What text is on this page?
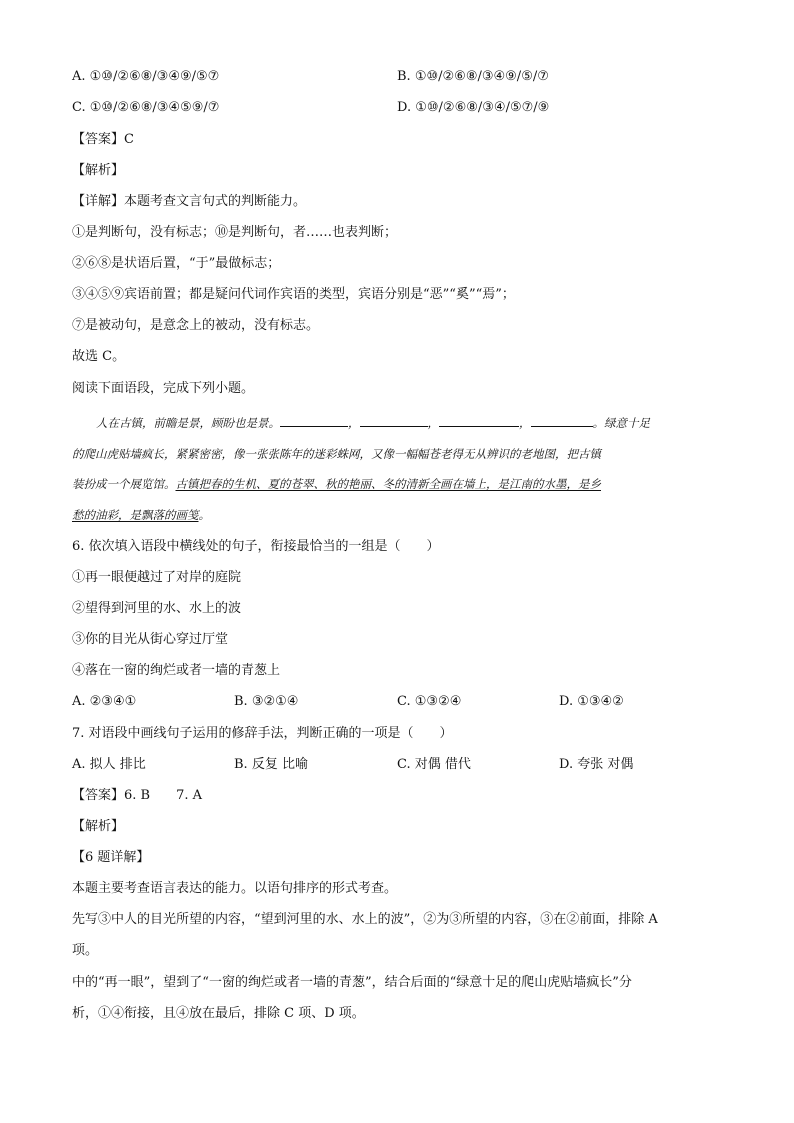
A. ①⑩/②⑥⑧/③④⑨/⑤⑦	B. ①⑩/②⑥⑧/③④⑨/⑤/⑦
C. ①⑩/②⑥⑧/③④⑤⑨/⑦	D. ①⑩/②⑥⑧/③④/⑤⑦/⑨
【答案】C
【解析】
【详解】本题考查文言句式的判断能力。
①是判断句，没有标志；⑩是判断句，者……也表判断；
②⑥⑧是状语后置，“于”最做标志；
③④⑤⑨宾语前置；都是疑问代词作宾语的类型，宾语分别是“恶”“奚”“焉”；
⑦是被动句，是意念上的被动，没有标志。
故选 C。
阅读下面语段，完成下列小题。
人在古镇，前瞻是景，顾盼也是景。	，	，	，	。绿意十足
的爬山虎贴墙疯长，紧紧密密，像一张张陈年的迷彩蛛网，又像一幅幅苍老得无从辨识的老地图，把古镇
装扮成一个展览馆。古镇把春的生机、夏的苍翠、秋的艳丽、冬的清新全画在墙上，是江南的水墨，是乡
愁的油彩，是飘落的画笺。
6. 依次填入语段中横线处的句子，衔接最恰当的一组是（　　）
①再一眼便越过了对岸的庭院
②望得到河里的水、水上的波
③你的目光从街心穿过厅堂
④落在一窗的绚烂或者一墙的青葱上
A. ②③④①	B. ③②①④	C. ①③②④	D. ①③④②
7. 对语段中画线句子运用的修辞手法，判断正确的一项是（　　）
A. 拟人 排比	B. 反复 比喻	C. 对偶 借代	D. 夸张 对偶
【答案】6. B　　7. A
【解析】
【6 题详解】
本题主要考查语言表达的能力。以语句排序的形式考查。
先写③中人的目光所望的内容，“望到河里的水、水上的波”，②为③所望的内容，③在②前面，排除 A
项。
中的“再一眼”，望到了“一窗的绚烂或者一墙的青葱”，结合后面的“绿意十足的爬山虎贴墙疯长”分
析，①④衔接，且④放在最后，排除 C 项、D 项。
